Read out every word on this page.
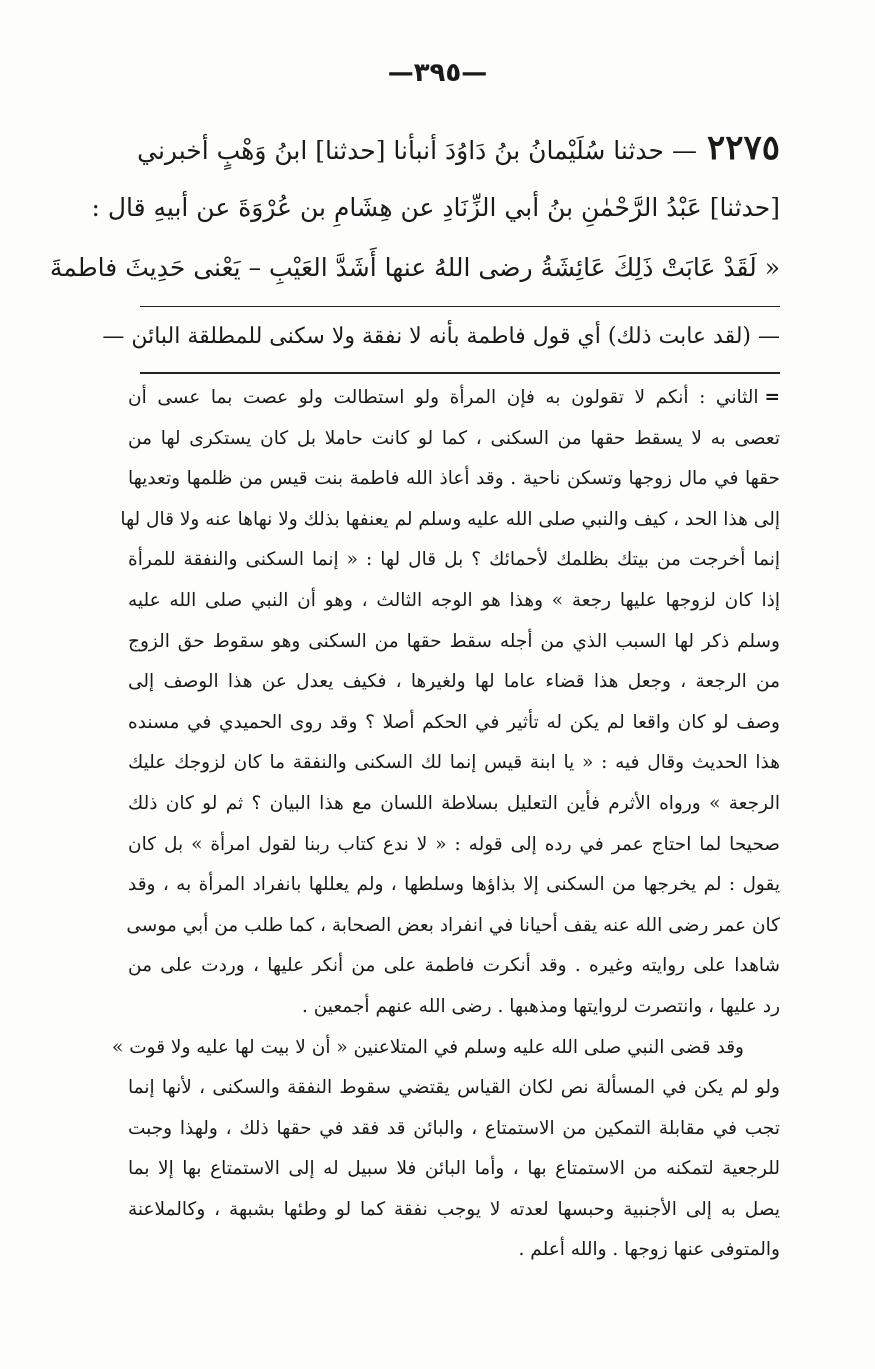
—٣٩٥—
٢٢٧٥— حدثنا سُلَيْمانُ بنُ دَاوُدَ أنبأنا [حدثنا] ابنُ وَهْبٍ أخبرني
[حدثنا] عَبْدُ الرَّحْمٰنِ بنُ أبي الزِّنَادِ عن هِشَامِ بن عُرْوَةَ عن أبيهِ قال :
« لَقَدْ عَابَتْ ذَلِكَ عَائِشَةُ رضى اللهُ عنها أَشَدَّ العَيْبِ – يَعْنى حَدِيثَ فاطمةَ
— (لقد عابت ذلك) أي قول فاطمة بأنه لا نفقة ولا سكنى للمطلقة البائن —
=الثاني : أنكم لا تقولون به فإن المرأة ولو استطالت ولو عصت بما عسى أن
تعصى به لا يسقط حقها من السكنى ، كما لو كانت حاملا بل كان يستكرى لها من
حقها في مال زوجها وتسكن ناحية . وقد أعاذ الله فاطمة بنت قيس من ظلمها وتعديها
إلى هذا الحد ، كيف والنبي صلى الله عليه وسلم لم يعنفها بذلك ولا نهاها عنه ولا قال لها
إنما أخرجت من بيتك بظلمك لأحمائك ؟ بل قال لها : « إنما السكنى والنفقة للمرأة
إذا كان لزوجها عليها رجعة » وهذا هو الوجه الثالث ، وهو أن النبي صلى الله عليه
وسلم ذكر لها السبب الذي من أجله سقط حقها من السكنى وهو سقوط حق الزوج
من الرجعة ، وجعل هذا قضاء عاما لها ولغيرها ، فكيف يعدل عن هذا الوصف إلى
وصف لو كان واقعا لم يكن له تأثير في الحكم أصلا ؟ وقد روى الحميدي في مسنده
هذا الحديث وقال فيه : « يا ابنة قيس إنما لك السكنى والنفقة ما كان لزوجك عليك
الرجعة » ورواه الأثرم فأين التعليل بسلاطة اللسان مع هذا البيان ؟ ثم لو كان ذلك
صحيحا لما احتاج عمر في رده إلى قوله : « لا ندع كتاب ربنا لقول امرأة » بل كان
يقول : لم يخرجها من السكنى إلا بذاؤها وسلطها ، ولم يعللها بانفراد المرأة به ، وقد
كان عمر رضى الله عنه يقف أحيانا في انفراد بعض الصحابة ، كما طلب من أبي موسى
شاهدا على روايته وغيره . وقد أنكرت فاطمة على من أنكر عليها ، وردت على من
رد عليها ، وانتصرت لروايتها ومذهبها . رضى الله عنهم أجمعين .
وقد قضى النبي صلى الله عليه وسلم في المتلاعنين « أن لا بيت لها عليه ولا قوت »
ولو لم يكن في المسألة نص لكان القياس يقتضي سقوط النفقة والسكنى ، لأنها إنما
تجب في مقابلة التمكين من الاستمتاع ، والبائن قد فقد في حقها ذلك ، ولهذا وجبت
للرجعية لتمكنه من الاستمتاع بها ، وأما البائن فلا سبيل له إلى الاستمتاع بها إلا بما
يصل به إلى الأجنبية وحبسها لعدته لا يوجب نفقة كما لو وطئها بشبهة ، وكالملاعنة
والمتوفى عنها زوجها . والله أعلم .
